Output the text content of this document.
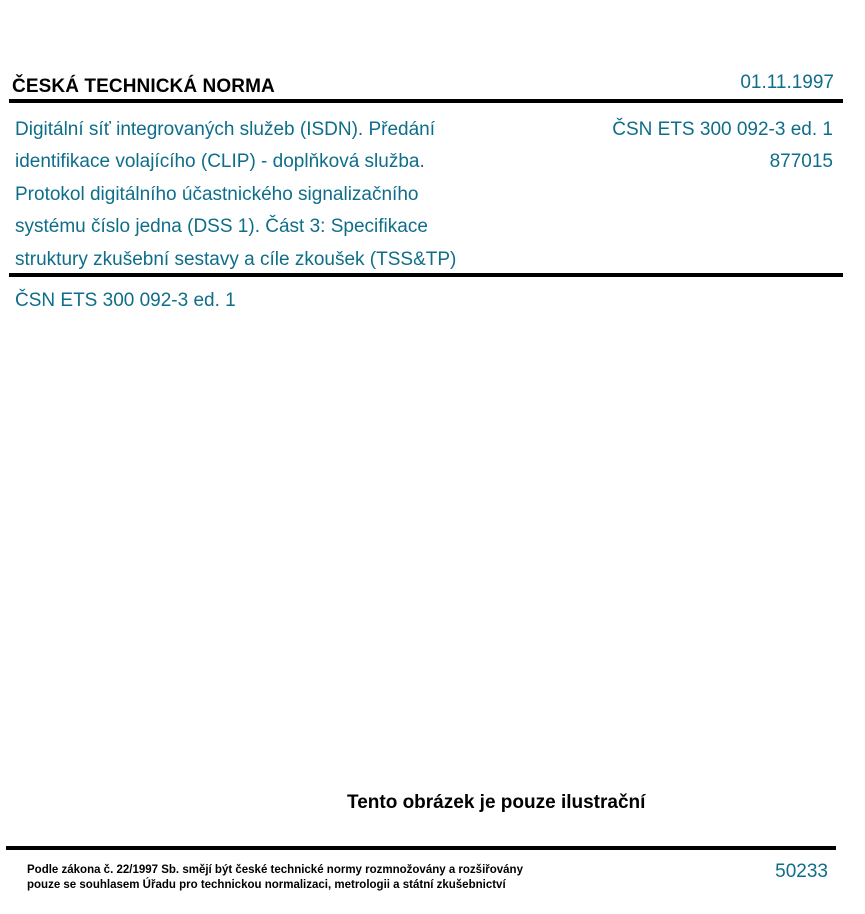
ČESKÁ TECHNICKÁ NORMA	01.11.1997
Digitální síť integrovaných služeb (ISDN). Předání
identifikace volajícího (CLIP) - doplňková služba.
Protokol digitálního účastnického signalizačního
systému číslo jedna (DSS 1). Část 3: Specifikace
struktury zkušební sestavy a cíle zkoušek (TSS&TP)
ČSN ETS 300 092-3 ed. 1
877015
ČSN ETS 300 092-3 ed. 1
Tento obrázek je pouze ilustrační
Podle zákona č. 22/1997 Sb. smějí být české technické normy rozmnožovány a rozšiřovány
pouze se souhlasem Úřadu pro technickou normalizaci, metrologii a státní zkušebnictví
50233
